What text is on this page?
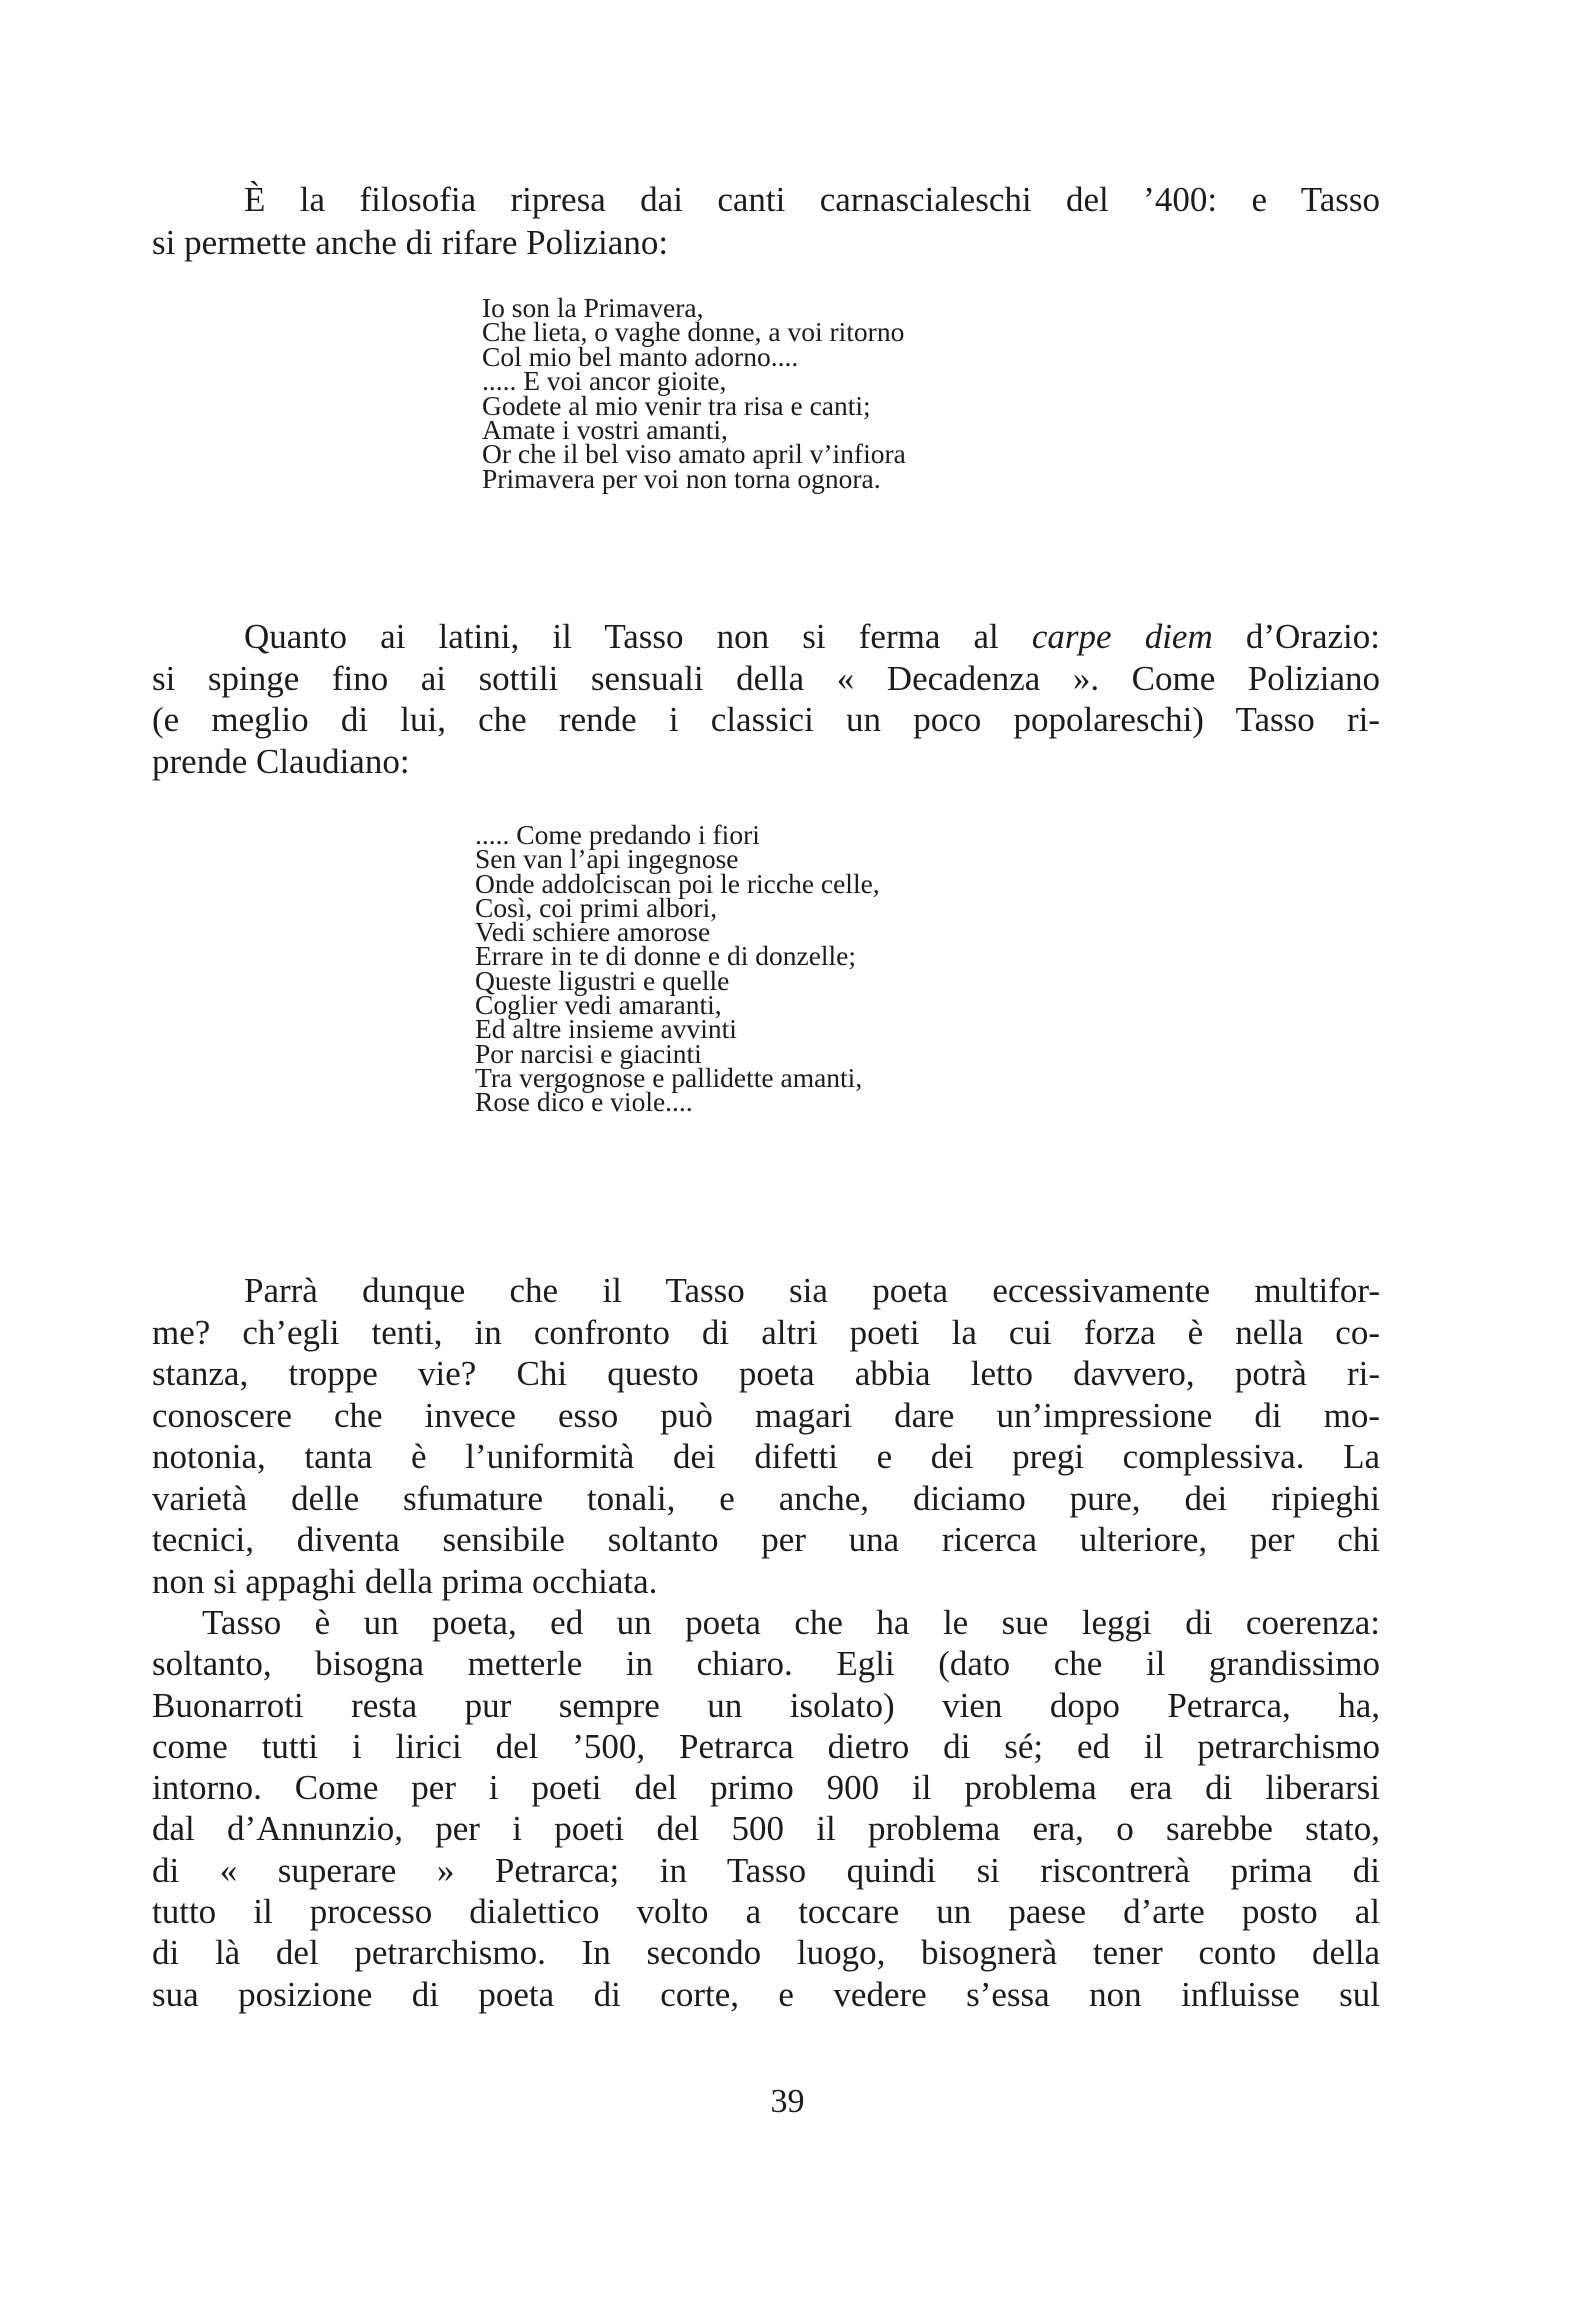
È la filosofia ripresa dai canti carnascialeschi del ’400: e Tasso
si permette anche di rifare Poliziano:
Io son la Primavera,
Che lieta, o vaghe donne, a voi ritorno
Col mio bel manto adorno....
..... E voi ancor gioite,
Godete al mio venir tra risa e canti;
Amate i vostri amanti,
Or che il bel viso amato april v’infiora
Primavera per voi non torna ognora.
Quanto ai latini, il Tasso non si ferma al carpe diem d’Orazio:
si spinge fino ai sottili sensuali della « Decadenza ». Come Poliziano
(e meglio di lui, che rende i classici un poco popolareschi) Tasso ri-
prende Claudiano:
..... Come predando i fiori
Sen van l’api ingegnose
Onde addolciscan poi le ricche celle,
Così, coi primi albori,
Vedi schiere amorose
Errare in te di donne e di donzelle;
Queste ligustri e quelle
Coglier vedi amaranti,
Ed altre insieme avvinti
Por narcisi e giacinti
Tra vergognose e pallidette amanti,
Rose dico e viole....
Parrà dunque che il Tasso sia poeta eccessivamente multifor-
me? ch’egli tenti, in confronto di altri poeti la cui forza è nella co-
stanza, troppe vie? Chi questo poeta abbia letto davvero, potrà ri-
conoscere che invece esso può magari dare un’impressione di mo-
notonia, tanta è l’uniformità dei difetti e dei pregi complessiva. La
varietà delle sfumature tonali, e anche, diciamo pure, dei ripieghi
tecnici, diventa sensibile soltanto per una ricerca ulteriore, per chi
non si appaghi della prima occhiata.
Tasso è un poeta, ed un poeta che ha le sue leggi di coerenza:
soltanto, bisogna metterle in chiaro. Egli (dato che il grandissimo
Buonarroti resta pur sempre un isolato) vien dopo Petrarca, ha,
come tutti i lirici del ’500, Petrarca dietro di sé; ed il petrarchismo
intorno. Come per i poeti del primo 900 il problema era di liberarsi
dal d’Annunzio, per i poeti del 500 il problema era, o sarebbe stato,
di « superare » Petrarca; in Tasso quindi si riscontrerà prima di
tutto il processo dialettico volto a toccare un paese d’arte posto al
di là del petrarchismo. In secondo luogo, bisognerà tener conto della
sua posizione di poeta di corte, e vedere s’essa non influisse sul
39
